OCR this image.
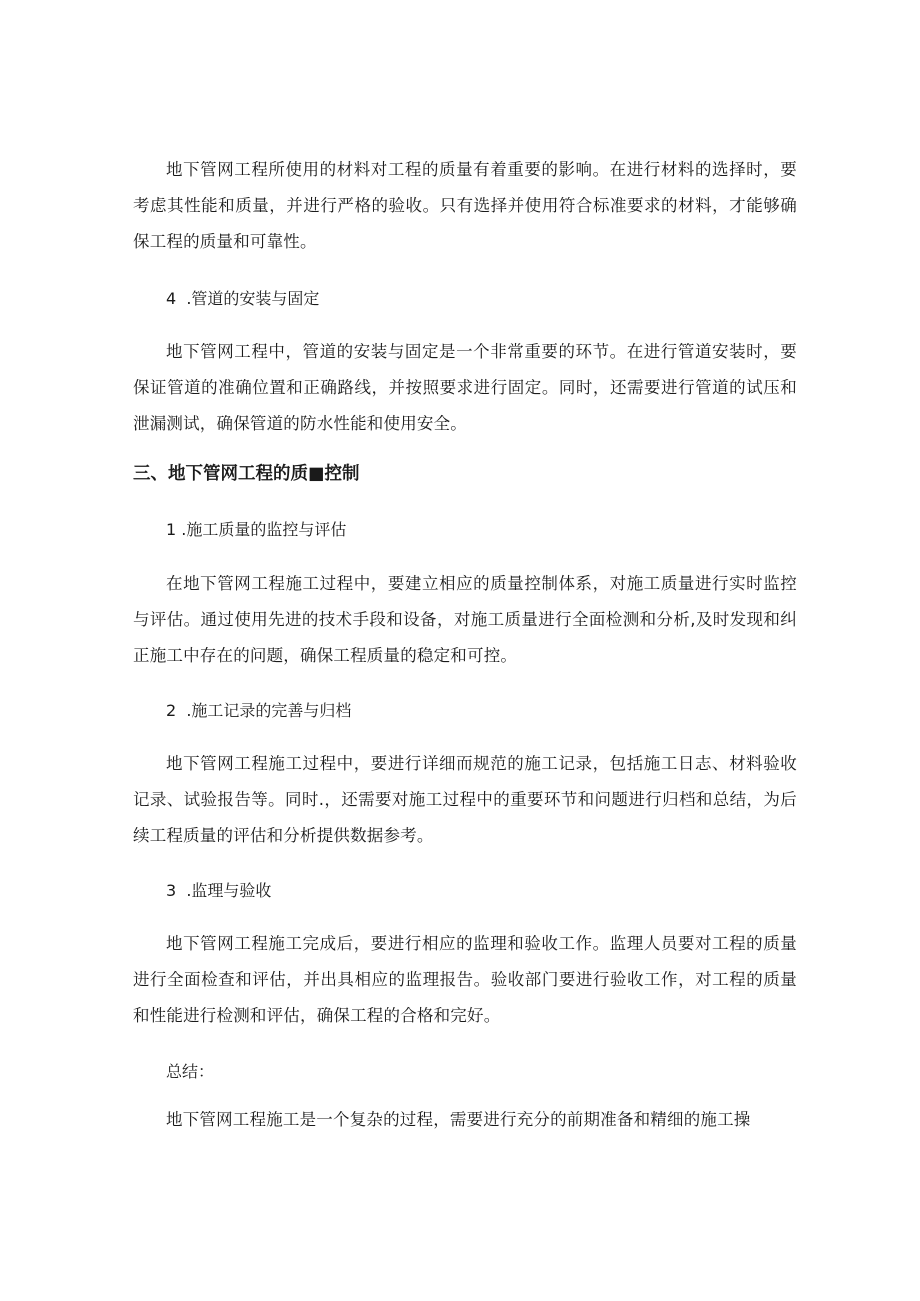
地下管网工程所使用的材料对工程的质量有着重要的影响。在进行材料的选择时，要考虑其性能和质量，并进行严格的验收。只有选择并使用符合标准要求的材料，才能够确保工程的质量和可靠性。

4	.管道的安装与固定

地下管网工程中，管道的安装与固定是一个非常重要的环节。在进行管道安装时，要保证管道的准确位置和正确路线，并按照要求进行固定。同时，还需要进行管道的试压和泄漏测试，确保管道的防水性能和使用安全。

三、地下管网工程的质■控制

1	.施工质量的监控与评估

在地下管网工程施工过程中，要建立相应的质量控制体系，对施工质量进行实时监控与评估。通过使用先进的技术手段和设备，对施工质量进行全面检测和分析,及时发现和纠正施工中存在的问题，确保工程质量的稳定和可控。

2	.施工记录的完善与归档

地下管网工程施工过程中，要进行详细而规范的施工记录，包括施工日志、材料验收记录、试验报告等。同时.，还需要对施工过程中的重要环节和问题进行归档和总结，为后续工程质量的评估和分析提供数据参考。

3	.监理与验收

地下管网工程施工完成后，要进行相应的监理和验收工作。监理人员要对工程的质量进行全面检查和评估，并出具相应的监理报告。验收部门要进行验收工作，对工程的质量和性能进行检测和评估，确保工程的合格和完好。

总结：

地下管网工程施工是一个复杂的过程，需要进行充分的前期准备和精细的施工操
